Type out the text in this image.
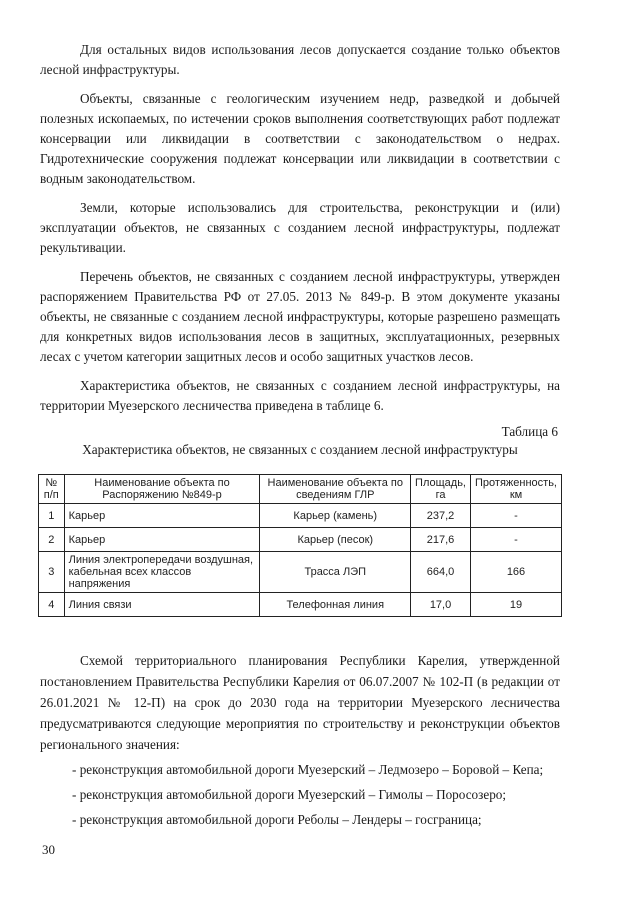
Для остальных видов использования лесов допускается создание только объектов лесной инфраструктуры.

Объекты, связанные с геологическим изучением недр, разведкой и добычей полезных ископаемых, по истечении сроков выполнения соответствующих работ подлежат консервации или ликвидации в соответствии с законодательством о недрах. Гидротехнические сооружения подлежат консервации или ликвидации в соответствии с водным законодательством.

Земли, которые использовались для строительства, реконструкции и (или) эксплуатации объектов, не связанных с созданием лесной инфраструктуры, подлежат рекультивации.

Перечень объектов, не связанных с созданием лесной инфраструктуры, утвержден распоряжением Правительства РФ от 27.05. 2013 № 849-р. В этом документе указаны объекты, не связанные с созданием лесной инфраструктуры, которые разрешено размещать для конкретных видов использования лесов в защитных, эксплуатационных, резервных лесах с учетом категории защитных лесов и особо защитных участков лесов.

Характеристика объектов, не связанных с созданием лесной инфраструктуры, на территории Муезерского лесничества приведена в таблице 6.

Таблица 6
Характеристика объектов, не связанных с созданием лесной инфраструктуры
№ п/п	Наименование объекта по Распоряжению №849-р	Наименование объекта по сведениям ГЛР	Площадь, га	Протяженность, км
1	Карьер	Карьер (камень)	237,2	-
2	Карьер	Карьер (песок)	217,6	-
3	Линия электропередачи воздушная, кабельная всех классов напряжения	Трасса ЛЭП	664,0	166
4	Линия связи	Телефонная линия	17,0	19

Схемой территориального планирования Республики Карелия, утвержденной постановлением Правительства Республики Карелия от 06.07.2007 № 102-П (в редакции от 26.01.2021 № 12-П) на срок до 2030 года на территории Муезерского лесничества предусматриваются следующие мероприятия по строительству и реконструкции объектов регионального значения:

- реконструкция автомобильной дороги Муезерский – Ледмозеро – Боровой – Кепа;
- реконструкция автомобильной дороги Муезерский – Гимолы – Поросозеро;
- реконструкция автомобильной дороги Реболы – Лендеры – госграница;
30
